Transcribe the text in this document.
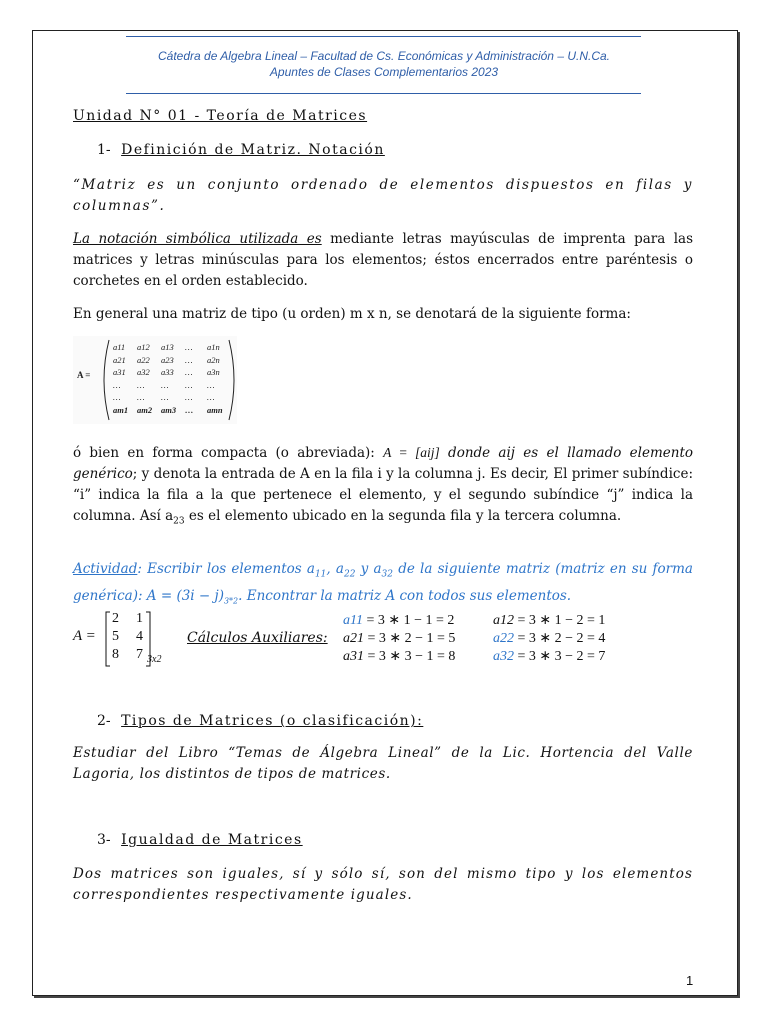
Cátedra de Algebra Lineal – Facultad de Cs. Económicas y Administración – U.N.Ca.
Apuntes de Clases Complementarios 2023
Unidad N° 01 - Teoría de Matrices
1- Definición de Matriz. Notación
“Matriz es un conjunto ordenado de elementos dispuestos en filas y columnas”.
La notación simbólica utilizada es mediante letras mayúsculas de imprenta para las matrices y letras minúsculas para los elementos; éstos encerrados entre paréntesis o corchetes en el orden establecido.
En general una matriz de tipo (u orden) m x n, se denotará de la siguiente forma:
A =
a11 a12 a13 … a1n
a21 a22 a23 … a2n
a31 a32 a33 … a3n
… … … … …
… … … … …
am1 am2 am3 … amn
ó bien en forma compacta (o abreviada): A = [aij] donde aij es el llamado elemento genérico; y denota la entrada de A en la fila i y la columna j. Es decir, El primer subíndice: “i” indica la fila a la que pertenece el elemento, y el segundo subíndice “j” indica la columna. Así $a_{23}$ es el elemento ubicado en la segunda fila y la tercera columna.
Actividad: Escribir los elementos $a_{11}$, $a_{22}$ y $a_{32}$ de la siguiente matriz (matriz en su forma genérica): $A = (3i - j)_{3*2}$. Encontrar la matriz A con todos sus elementos.
A =
2 1
5 4
8 7 3x2
Cálculos Auxiliares:
a11 = 3 ∗ 1 − 1 = 2	a12 = 3 ∗ 1 − 2 = 1
a21 = 3 ∗ 2 − 1 = 5	a22 = 3 ∗ 2 − 2 = 4
a31 = 3 ∗ 3 − 1 = 8	a32 = 3 ∗ 3 − 2 = 7
2- Tipos de Matrices (o clasificación):
Estudiar del Libro “Temas de Álgebra Lineal” de la Lic. Hortencia del Valle Lagoria, los distintos de tipos de matrices.
3- Igualdad de Matrices
Dos matrices son iguales, sí y sólo sí, son del mismo tipo y los elementos correspondientes respectivamente iguales.
1
